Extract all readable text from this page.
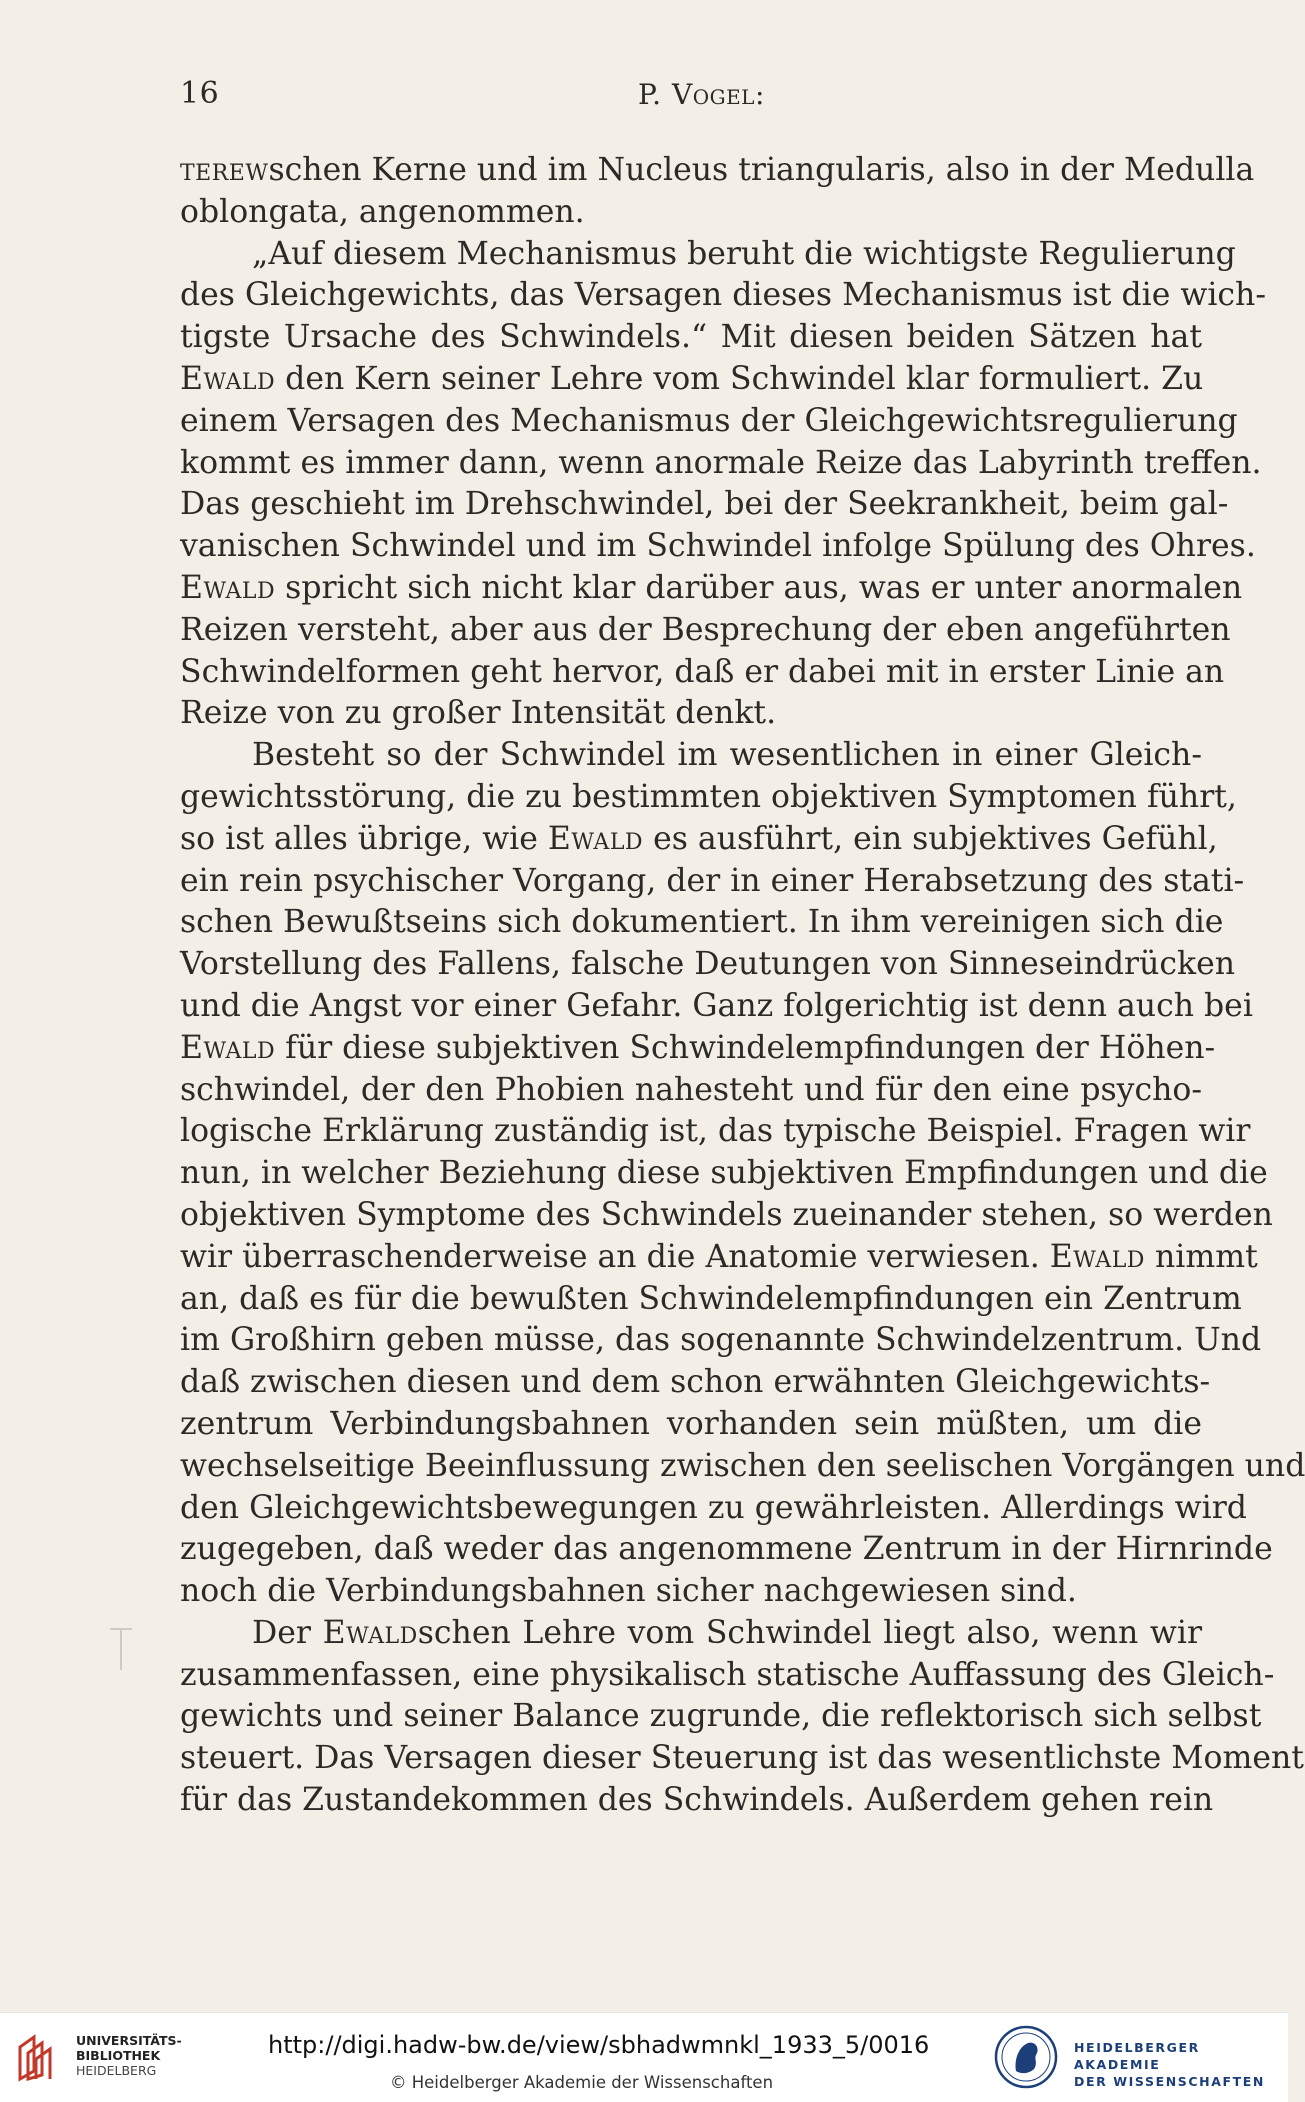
16	P. Vogel:
terewschen Kerne und im Nucleus triangularis, also in der Medulla
oblongata, angenommen.
„Auf diesem Mechanismus beruht die wichtigste Regulierung
des Gleichgewichts, das Versagen dieses Mechanismus ist die wich-
tigste Ursache des Schwindels.“ Mit diesen beiden Sätzen hat
Ewald den Kern seiner Lehre vom Schwindel klar formuliert. Zu
einem Versagen des Mechanismus der Gleichgewichtsregulierung
kommt es immer dann, wenn anormale Reize das Labyrinth treffen.
Das geschieht im Drehschwindel, bei der Seekrankheit, beim gal-
vanischen Schwindel und im Schwindel infolge Spülung des Ohres.
Ewald spricht sich nicht klar darüber aus, was er unter anormalen
Reizen versteht, aber aus der Besprechung der eben angeführten
Schwindelformen geht hervor, daß er dabei mit in erster Linie an
Reize von zu großer Intensität denkt.
Besteht so der Schwindel im wesentlichen in einer Gleich-
gewichtsstörung, die zu bestimmten objektiven Symptomen führt,
so ist alles übrige, wie Ewald es ausführt, ein subjektives Gefühl,
ein rein psychischer Vorgang, der in einer Herabsetzung des stati-
schen Bewußtseins sich dokumentiert. In ihm vereinigen sich die
Vorstellung des Fallens, falsche Deutungen von Sinneseindrücken
und die Angst vor einer Gefahr. Ganz folgerichtig ist denn auch bei
Ewald für diese subjektiven Schwindelempfindungen der Höhen-
schwindel, der den Phobien nahesteht und für den eine psycho-
logische Erklärung zuständig ist, das typische Beispiel. Fragen wir
nun, in welcher Beziehung diese subjektiven Empfindungen und die
objektiven Symptome des Schwindels zueinander stehen, so werden
wir überraschenderweise an die Anatomie verwiesen. Ewald nimmt
an, daß es für die bewußten Schwindelempfindungen ein Zentrum
im Großhirn geben müsse, das sogenannte Schwindelzentrum. Und
daß zwischen diesen und dem schon erwähnten Gleichgewichts-
zentrum Verbindungsbahnen vorhanden sein müßten, um die
wechselseitige Beeinflussung zwischen den seelischen Vorgängen und
den Gleichgewichtsbewegungen zu gewährleisten. Allerdings wird
zugegeben, daß weder das angenommene Zentrum in der Hirnrinde
noch die Verbindungsbahnen sicher nachgewiesen sind.
Der Ewaldschen Lehre vom Schwindel liegt also, wenn wir
zusammenfassen, eine physikalisch statische Auffassung des Gleich-
gewichts und seiner Balance zugrunde, die reflektorisch sich selbst
steuert. Das Versagen dieser Steuerung ist das wesentlichste Moment
für das Zustandekommen des Schwindels. Außerdem gehen rein
UNIVERSITÄTS-
BIBLIOTHEK
HEIDELBERG
http://digi.hadw-bw.de/view/sbhadwmnkl_1933_5/0016
© Heidelberger Akademie der Wissenschaften
HEIDELBERGER AKADEMIE
DER WISSENSCHAFTEN
